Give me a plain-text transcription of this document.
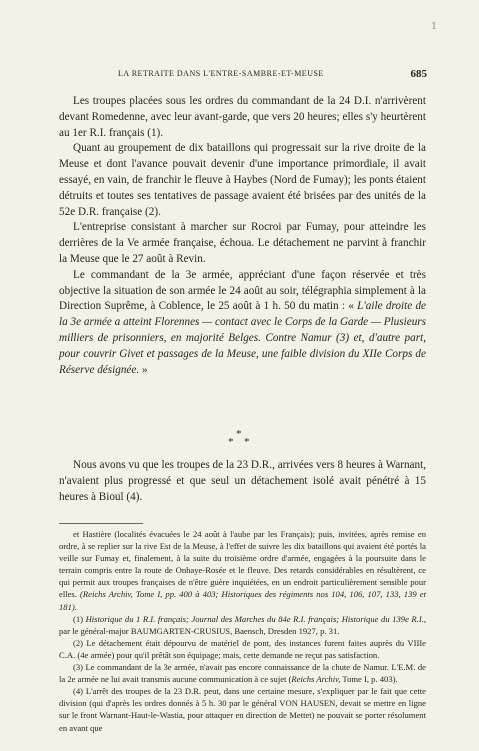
1
LA RETRAITE DANS L'ENTRE-SAMBRE-ET-MEUSE	685

Les troupes placées sous les ordres du commandant de la 24 D.I. n'arrivèrent devant Romedenne, avec leur avant-garde, que vers 20 heures; elles s'y heurtèrent au 1er R.I. français (1).

Quant au groupement de dix bataillons qui progressait sur la rive droite de la Meuse et dont l'avance pouvait devenir d'une importance primordiale, il avait essayé, en vain, de franchir le fleuve à Haybes (Nord de Fumay); les ponts étaient détruits et toutes ses tentatives de passage avaient été brisées par des unités de la 52e D.R. française (2).

L'entreprise consistant à marcher sur Rocroi par Fumay, pour atteindre les derrières de la Ve armée française, échoua. Le détachement ne parvint à franchir la Meuse que le 27 août à Revin.

Le commandant de la 3e armée, appréciant d'une façon réservée et très objective la situation de son armée le 24 août au soir, télégraphia simplement à la Direction Suprême, à Coblence, le 25 août à 1 h. 50 du matin : « L'aile droite de la 3e armée a atteint Florennes — contact avec le Corps de la Garde — Plusieurs milliers de prisonniers, en majorité Belges. Contre Namur (3) et, d'autre part, pour couvrir Givet et passages de la Meuse, une faible division du XIIe Corps de Réserve désignée. »

*
* *

Nous avons vu que les troupes de la 23 D.R., arrivées vers 8 heures à Warnant, n'avaient plus progressé et que seul un détachement isolé avait pénétré à 15 heures à Bioul (4).

et Hastière (localités évacuées le 24 août à l'aube par les Français); puis, invitées, après remise en ordre, à se replier sur la rive Est de la Meuse, à l'effet de suivre les dix bataillons qui avaient été portés la veille sur Fumay et, finalement, à la suite du troisième ordre d'armée, engagées à la poursuite dans le terrain compris entre la route de Onhaye-Rosée et le fleuve. Des retards considérables en résultèrent, ce qui permit aux troupes françaises de n'être guère inquiétées, en un endroit particulièrement sensible pour elles. (Reichs Archiv, Tome I, pp. 400 à 403; Historiques des régiments nos 104, 106, 107, 133, 139 et 181).

(1) Historique du 1 R.I. français; Journal des Marches du 84e R.I. français; Historique du 139e R.I., par le général-major BAUMGARTEN-CRUSIUS, Baensch, Dresden 1927, p. 31.

(2) Le détachement était dépourvu de matériel de pont, des instances furent faites auprès du VIIIe C.A. (4e armée) pour qu'il prêtât son équipage; mais, cette demande ne reçut pas satisfaction.

(3) Le commandant de la 3e armée, n'avait pas encore connaissance de la chute de Namur. L'E.M. de la 2e armée ne lui avait transmis aucune communication à ce sujet (Reichs Archiv, Tome I, p. 403).

(4) L'arrêt des troupes de la 23 D.R. peut, dans une certaine mesure, s'expliquer par le fait que cette division (qui d'après les ordres donnés à 5 h. 30 par le général VON HAUSEN, devait se mettre en ligne sur le front Warnant-Haut-le-Wastia, pour attaquer en direction de Mettet) ne pouvait se porter résolument en avant que
